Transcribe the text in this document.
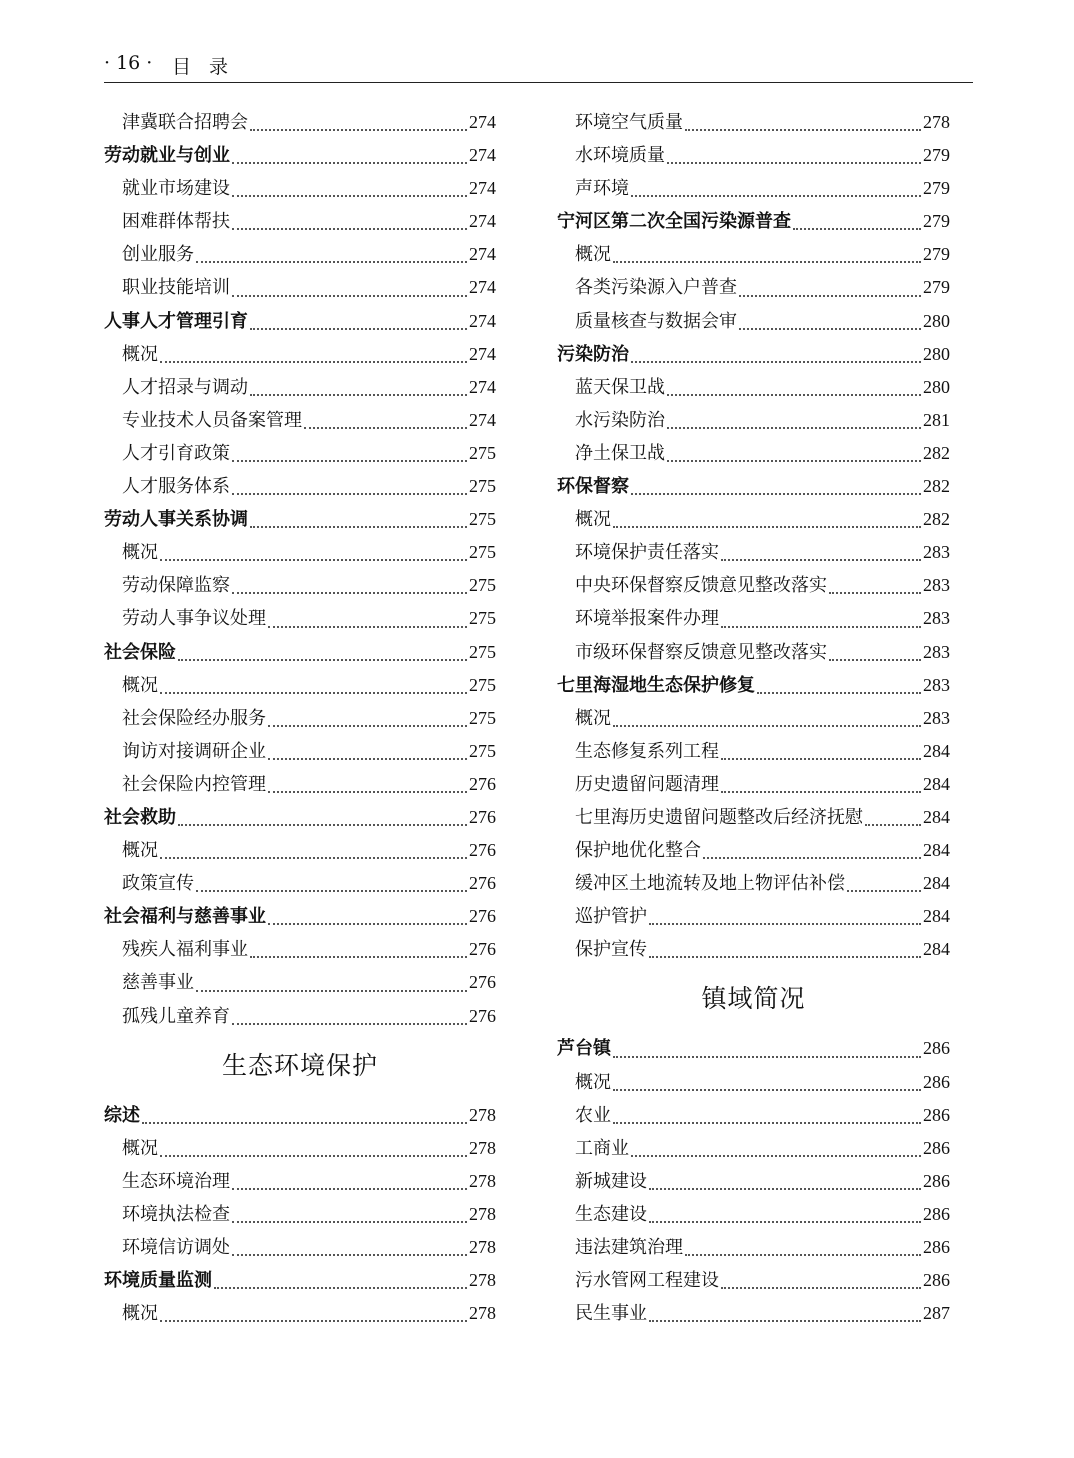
· 16 · 目录
津冀联合招聘会	274
劳动就业与创业	274
就业市场建设	274
困难群体帮扶	274
创业服务	274
职业技能培训	274
人事人才管理引育	274
概况	274
人才招录与调动	274
专业技术人员备案管理	274
人才引育政策	275
人才服务体系	275
劳动人事关系协调	275
概况	275
劳动保障监察	275
劳动人事争议处理	275
社会保险	275
概况	275
社会保险经办服务	275
询访对接调研企业	275
社会保险内控管理	276
社会救助	276
概况	276
政策宣传	276
社会福利与慈善事业	276
残疾人福利事业	276
慈善事业	276
孤残儿童养育	276
生态环境保护
综述	278
概况	278
生态环境治理	278
环境执法检查	278
环境信访调处	278
环境质量监测	278
概况	278
环境空气质量	278
水环境质量	279
声环境	279
宁河区第二次全国污染源普查	279
概况	279
各类污染源入户普查	279
质量核查与数据会审	280
污染防治	280
蓝天保卫战	280
水污染防治	281
净土保卫战	282
环保督察	282
概况	282
环境保护责任落实	283
中央环保督察反馈意见整改落实	283
环境举报案件办理	283
市级环保督察反馈意见整改落实	283
七里海湿地生态保护修复	283
概况	283
生态修复系列工程	284
历史遗留问题清理	284
七里海历史遗留问题整改后经济抚慰	284
保护地优化整合	284
缓冲区土地流转及地上物评估补偿	284
巡护管护	284
保护宣传	284
镇域简况
芦台镇	286
概况	286
农业	286
工商业	286
新城建设	286
生态建设	286
违法建筑治理	286
污水管网工程建设	286
民生事业	287
